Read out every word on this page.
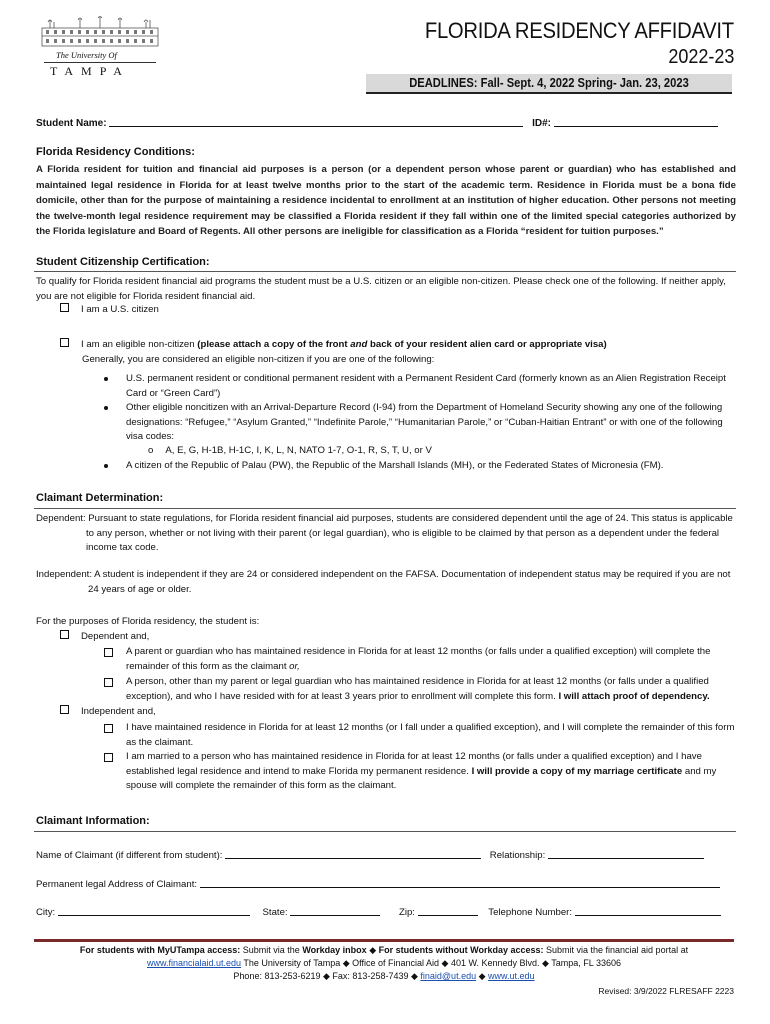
The University Of
TAMPA
FLORIDA RESIDENCY AFFIDAVIT
2022-23
DEADLINES: Fall- Sept. 4, 2022 Spring- Jan. 23, 2023
Student Name:	ID#:
Florida Residency Conditions:
A Florida resident for tuition and financial aid purposes is a person (or a dependent person whose parent or guardian) who has established and maintained legal residence in Florida for at least twelve months prior to the start of the academic term. Residence in Florida must be a bona fide domicile, other than for the purpose of maintaining a residence incidental to enrollment at an institution of higher education. Other persons not meeting the twelve-month legal residence requirement may be classified a Florida resident if they fall within one of the limited special categories authorized by the Florida legislature and Board of Regents. All other persons are ineligible for classification as a Florida “resident for tuition purposes.”
Student Citizenship Certification:
To qualify for Florida resident financial aid programs the student must be a U.S. citizen or an eligible non-citizen. Please check one of the following. If neither apply, you are not eligible for Florida resident financial aid.
I am a U.S. citizen
I am an eligible non-citizen (please attach a copy of the front and back of your resident alien card or appropriate visa)
Generally, you are considered an eligible non-citizen if you are one of the following:
U.S. permanent resident or conditional permanent resident with a Permanent Resident Card (formerly known as an Alien Registration Receipt Card or “Green Card”)
Other eligible noncitizen with an Arrival-Departure Record (I-94) from the Department of Homeland Security showing any one of the following designations: “Refugee,” “Asylum Granted,” “Indefinite Parole,” “Humanitarian Parole,” or “Cuban-Haitian Entrant” or with one of the following visa codes:
o A, E, G, H-1B, H-1C, I, K, L, N, NATO 1-7, O-1, R, S, T, U, or V
A citizen of the Republic of Palau (PW), the Republic of the Marshall Islands (MH), or the Federated States of Micronesia (FM).
Claimant Determination:
Dependent: Pursuant to state regulations, for Florida resident financial aid purposes, students are considered dependent until the age of 24. This status is applicable to any person, whether or not living with their parent (or legal guardian), who is eligible to be claimed by that person as a dependent under the federal income tax code.
Independent: A student is independent if they are 24 or considered independent on the FAFSA. Documentation of independent status may be required if you are not 24 years of age or older.
For the purposes of Florida residency, the student is:
Dependent and,
A parent or guardian who has maintained residence in Florida for at least 12 months (or falls under a qualified exception) will complete the remainder of this form as the claimant or,
A person, other than my parent or legal guardian who has maintained residence in Florida for at least 12 months (or falls under a qualified exception), and who I have resided with for at least 3 years prior to enrollment will complete this form. I will attach proof of dependency.
Independent and,
I have maintained residence in Florida for at least 12 months (or I fall under a qualified exception), and I will complete the remainder of this form as the claimant.
I am married to a person who has maintained residence in Florida for at least 12 months (or falls under a qualified exception) and I have established legal residence and intend to make Florida my permanent residence. I will provide a copy of my marriage certificate and my spouse will complete the remainder of this form as the claimant.
Claimant Information:
Name of Claimant (if different from student):	Relationship:
Permanent legal Address of Claimant:
City:	State:	Zip:	Telephone Number:
For students with MyUTampa access: Submit via the Workday inbox ◆ For students without Workday access: Submit via the financial aid portal at
www.financialaid.ut.edu The University of Tampa ◆ Office of Financial Aid ◆ 401 W. Kennedy Blvd. ◆ Tampa, FL 33606
Phone: 813-253-6219 ◆ Fax: 813-258-7439 ◆ finaid@ut.edu ◆ www.ut.edu
Revised: 3/9/2022 FLRESAFF 2223
